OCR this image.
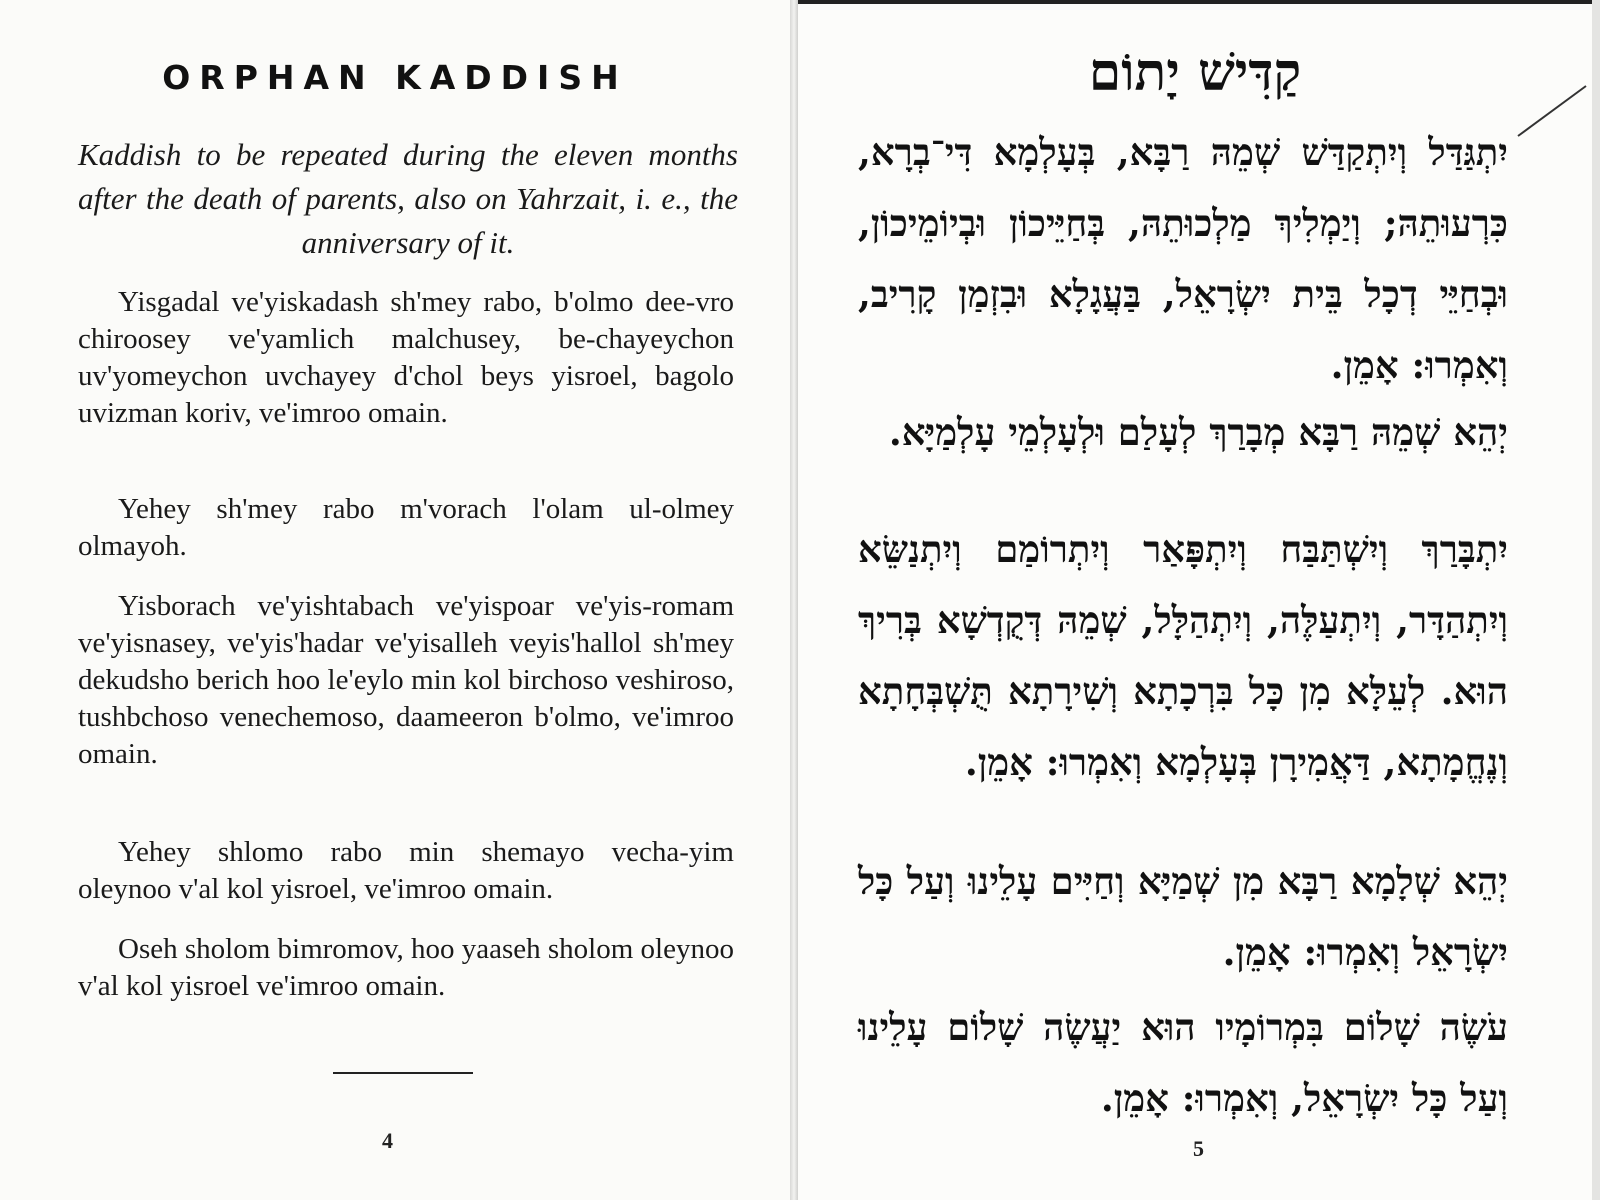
ORPHAN KADDISH

Kaddish to be repeated during the eleven months after the death of parents, also on Yahrzait, i. e., the anniversary of it.

Yisgadal ve'yiskadash sh'mey rabo, b'olmo dee-vro chiroosey ve'yamlich malchusey, be-chayeychon uv'yomeychon uvchayey d'chol beys yisroel, bagolo uvizman koriv, ve'imroo omain.

Yehey sh'mey rabo m'vorach l'olam ul-olmey olmayoh.

Yisborach ve'yishtabach ve'yispoar ve'yis-romam ve'yisnasey, ve'yis'hadar ve'yisalleh veyis'hallol sh'mey dekudsho berich hoo le'eylo min kol birchoso veshiroso, tushbchoso venechemoso, daameeron b'olmo, ve'imroo omain.

Yehey shlomo rabo min shemayo vecha-yim oleynoo v'al kol yisroel, ve'imroo omain.

Oseh sholom bimromov, hoo yaaseh sholom oleynoo v'al kol yisroel ve'imroo omain.

4

קַדִּישׁ יָתוֹם

יִתְגַּדַּל וְיִתְקַדַּשׁ שְׁמֵהּ רַבָּא, בְּעָלְמָא דִּי־בְרָא, כִּרְעוּתֵהּ; וְיַמְלִיךְ מַלְכוּתֵהּ, בְּחַיֵּיכוֹן וּבְיוֹמֵיכוֹן, וּבְחַיֵּי דְכָל בֵּית יִשְׂרָאֵל, בַּעֲגָלָא וּבִזְמַן קָרִיב, וְאִמְרוּ: אָמֵן.

יְהֵא שְׁמֵהּ רַבָּא מְבָרַךְ לְעָלַם וּלְעָלְמֵי עָלְמַיָּא.

יִתְבָּרַךְ וְיִשְׁתַּבַּח וְיִתְפָּאַר וְיִתְרוֹמַם וְיִתְנַשֵּׂא וְיִתְהַדָּר, וְיִתְעַלֶּה, וְיִתְהַלָּל, שְׁמֵהּ דְּקֻדְשָׁא בְּרִיךְ הוּא. לְעֵלָּא מִן כָּל בִּרְכָתָא וְשִׁירָתָא תֻּשְׁבְּחָתָא וְנֶחֱמָתָא, דַּאֲמִירָן בְּעָלְמָא וְאִמְרוּ: אָמֵן.

יְהֵא שְׁלָמָא רַבָּא מִן שְׁמַיָּא וְחַיִּים עָלֵינוּ וְעַל כָּל יִשְׂרָאֵל וְאִמְרוּ: אָמֵן.

עֹשֶׂה שָׁלוֹם בִּמְרוֹמָיו הוּא יַעֲשֶׂה שָׁלוֹם עָלֵינוּ וְעַל כָּל יִשְׂרָאֵל, וְאִמְרוּ: אָמֵן.

5
